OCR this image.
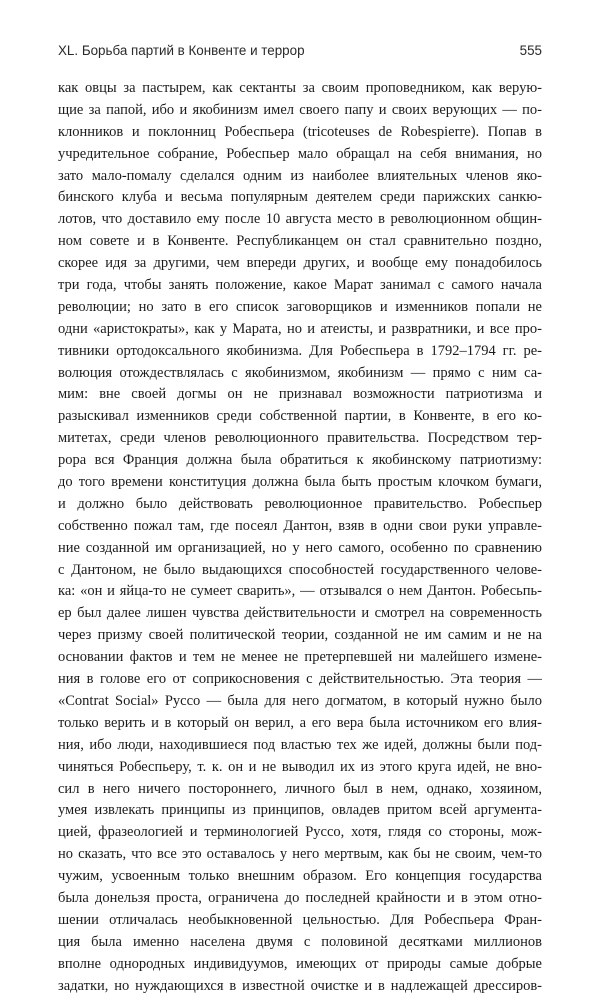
XL. Борьба партий в Конвенте и террор	555
как овцы за пастырем, как сектанты за своим проповедником, как верую-
щие за папой, ибо и якобинизм имел своего папу и своих верующих — по-
клонников и поклонниц Робеспьера (tricoteuses de Robespierre). Попав в
учредительное собрание, Робеспьер мало обращал на себя внимания, но
зато мало-помалу сделался одним из наиболее влиятельных членов яко-
бинского клуба и весьма популярным деятелем среди парижских санкю-
лотов, что доставило ему после 10 августа место в революционном общин-
ном совете и в Конвенте. Республиканцем он стал сравнительно поздно,
скорее идя за другими, чем впереди других, и вообще ему понадобилось
три года, чтобы занять положение, какое Марат занимал с самого начала
революции; но зато в его список заговорщиков и изменников попали не
одни «аристократы», как у Марата, но и атеисты, и развратники, и все про-
тивники ортодоксального якобинизма. Для Робеспьера в 1792–1794 гг. ре-
волюция отождествлялась с якобинизмом, якобинизм — прямо с ним са-
мим: вне своей догмы он не признавал возможности патриотизма и
разыскивал изменников среди собственной партии, в Конвенте, в его ко-
митетах, среди членов революционного правительства. Посредством тер-
рора вся Франция должна была обратиться к якобинскому патриотизму:
до того времени конституция должна была быть простым клочком бумаги,
и должно было действовать революционное правительство. Робеспьер
собственно пожал там, где посеял Дантон, взяв в одни свои руки управле-
ние созданной им организацией, но у него самого, особенно по сравнению
с Дантоном, не было выдающихся способностей государственного челове-
ка: «он и яйца-то не сумеет сварить», — отзывался о нем Дантон. Робесьпь-
ер был далее лишен чувства действительности и смотрел на современность
через призму своей политической теории, созданной не им самим и не на
основании фактов и тем не менее не претерпевшей ни малейшего измене-
ния в голове его от соприкосновения с действительностью. Эта теория —
«Contrat Social» Руссо — была для него догматом, в который нужно было
только верить и в который он верил, а его вера была источником его влия-
ния, ибо люди, находившиеся под властью тех же идей, должны были под-
чиняться Робеспьеру, т. к. он и не выводил их из этого круга идей, не вно-
сил в него ничего постороннего, личного был в нем, однако, хозяином,
умея извлекать принципы из принципов, овладев притом всей аргумента-
цией, фразеологией и терминологией Руссо, хотя, глядя со стороны, мож-
но сказать, что все это оставалось у него мертвым, как бы не своим, чем-то
чужим, усвоенным только внешним образом. Его концепция государства
была донельзя проста, ограничена до последней крайности и в этом отно-
шении отличалась необыкновенной цельностью. Для Робеспьера Фран-
ция была именно населена двумя с половиной десятками миллионов
вполне однородных индивидуумов, имеющих от природы самые добрые
задатки, но нуждающихся в известной очистке и в надлежащей дрессиров-
